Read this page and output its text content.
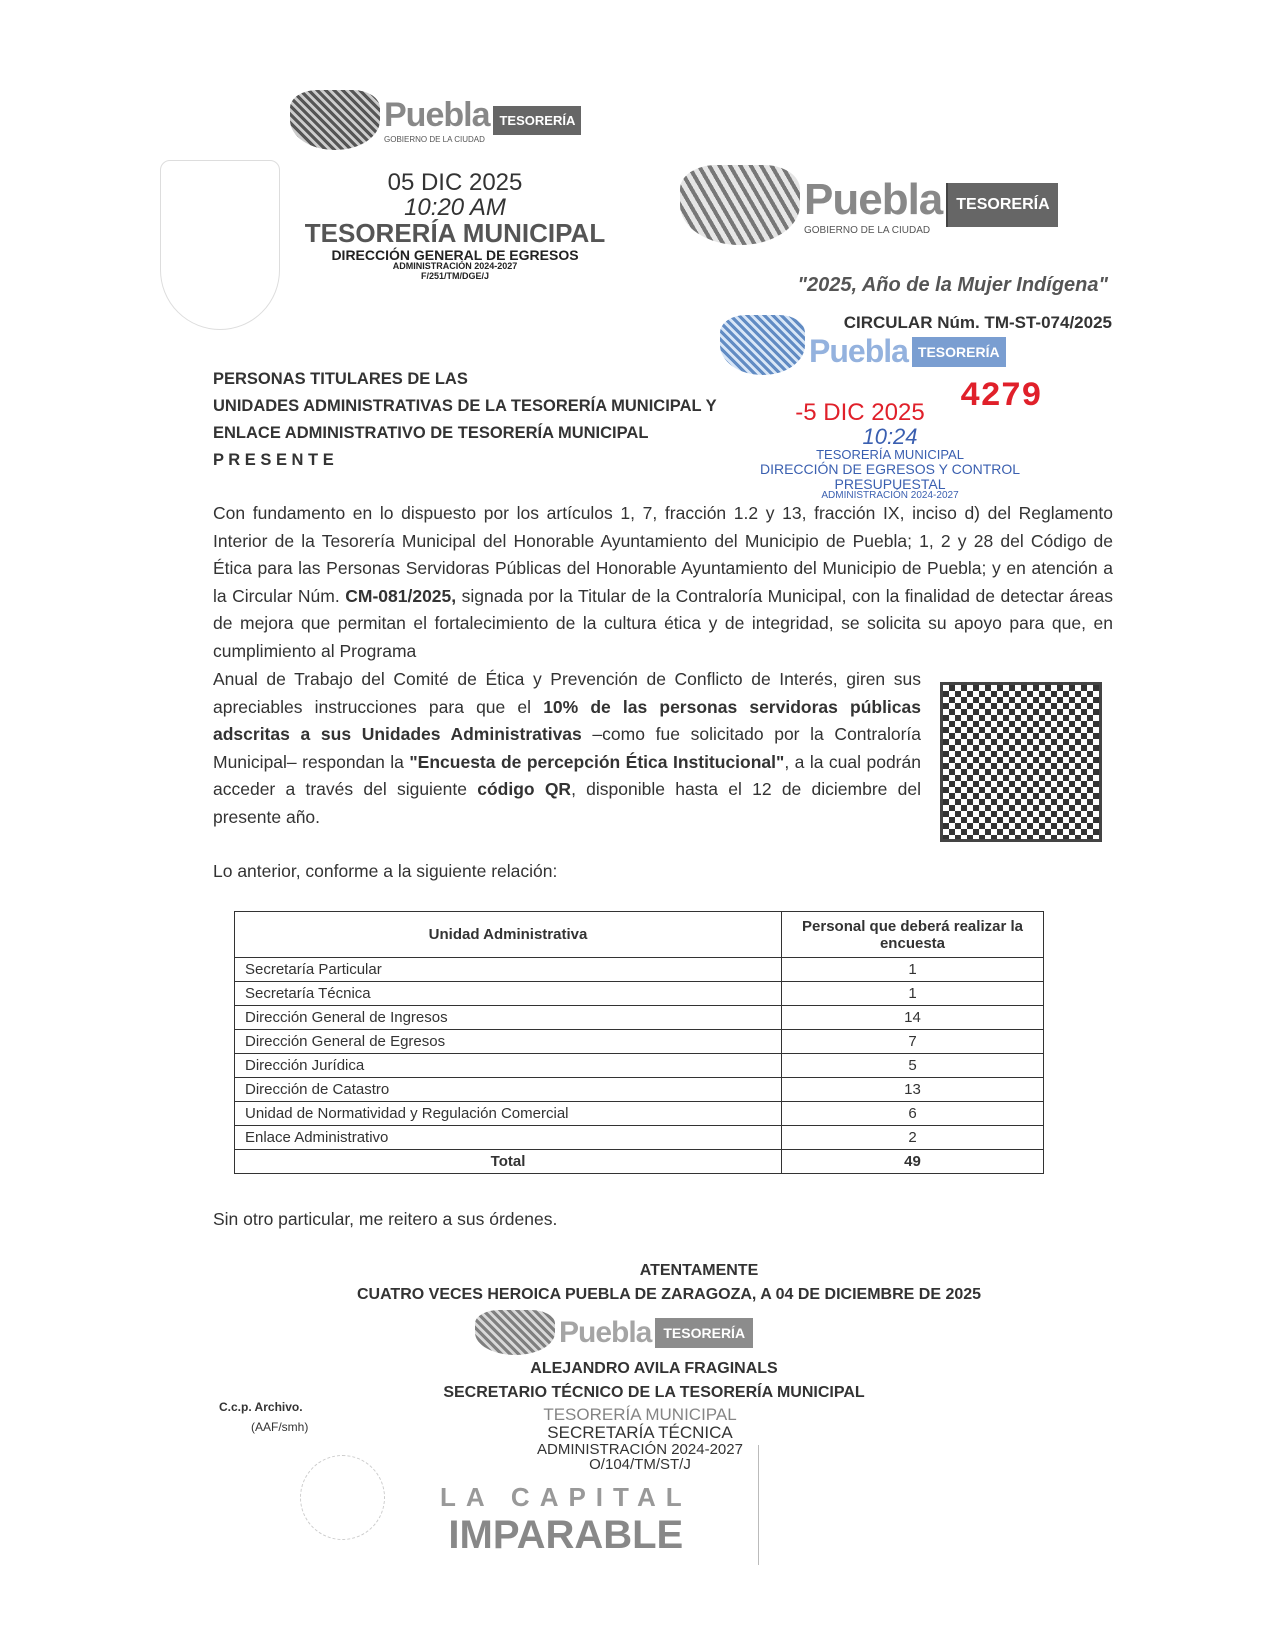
Puebla
GOBIERNO DE LA CIUDAD
TESORERÍA
05 DIC 2025
10:20 AM
TESORERÍA MUNICIPAL
DIRECCIÓN GENERAL DE EGRESOS
ADMINISTRACIÓN 2024-2027
F/251/TM/DGE/J
Puebla
GOBIERNO DE LA CIUDAD
TESORERÍA
"2025, Año de la Mujer Indígena"
CIRCULAR Núm. TM-ST-074/2025
Puebla TESORERÍA
4279
-5 DIC 2025
10:24
TESORERÍA MUNICIPAL
DIRECCIÓN DE EGRESOS Y CONTROL
PRESUPUESTAL
ADMINISTRACIÓN 2024-2027
PERSONAS TITULARES DE LAS
UNIDADES ADMINISTRATIVAS DE LA TESORERÍA MUNICIPAL Y
ENLACE ADMINISTRATIVO DE TESORERÍA MUNICIPAL
P R E S E N T E
Con fundamento en lo dispuesto por los artículos 1, 7, fracción 1.2 y 13, fracción IX, inciso d) del Reglamento Interior de la Tesorería Municipal del Honorable Ayuntamiento del Municipio de Puebla; 1, 2 y 28 del Código de Ética para las Personas Servidoras Públicas del Honorable Ayuntamiento del Municipio de Puebla; y en atención a la Circular Núm. CM-081/2025, signada por la Titular de la Contraloría Municipal, con la finalidad de detectar áreas de mejora que permitan el fortalecimiento de la cultura ética y de integridad, se solicita su apoyo para que, en cumplimiento al Programa
Anual de Trabajo del Comité de Ética y Prevención de Conflicto de Interés, giren sus apreciables instrucciones para que el 10% de las personas servidoras públicas adscritas a sus Unidades Administrativas –como fue solicitado por la Contraloría Municipal– respondan la "Encuesta de percepción Ética Institucional", a la cual podrán acceder a través del siguiente código QR, disponible hasta el 12 de diciembre del presente año.
Lo anterior, conforme a la siguiente relación:
Unidad Administrativa	Personal que deberá realizar la encuesta
Secretaría Particular	1
Secretaría Técnica	1
Dirección General de Ingresos	14
Dirección General de Egresos	7
Dirección Jurídica	5
Dirección de Catastro	13
Unidad de Normatividad y Regulación Comercial	6
Enlace Administrativo	2
Total	49
Sin otro particular, me reitero a sus órdenes.
ATENTAMENTE
CUATRO VECES HEROICA PUEBLA DE ZARAGOZA, A 04 DE DICIEMBRE DE 2025
Puebla TESORERÍA
ALEJANDRO AVILA FRAGINALS
SECRETARIO TÉCNICO DE LA TESORERÍA MUNICIPAL
TESORERÍA MUNICIPAL
SECRETARÍA TÉCNICA
ADMINISTRACIÓN 2024-2027
O/104/TM/ST/J
C.c.p. Archivo.
(AAF/smh)
LA CAPITAL
IMPARABLE
